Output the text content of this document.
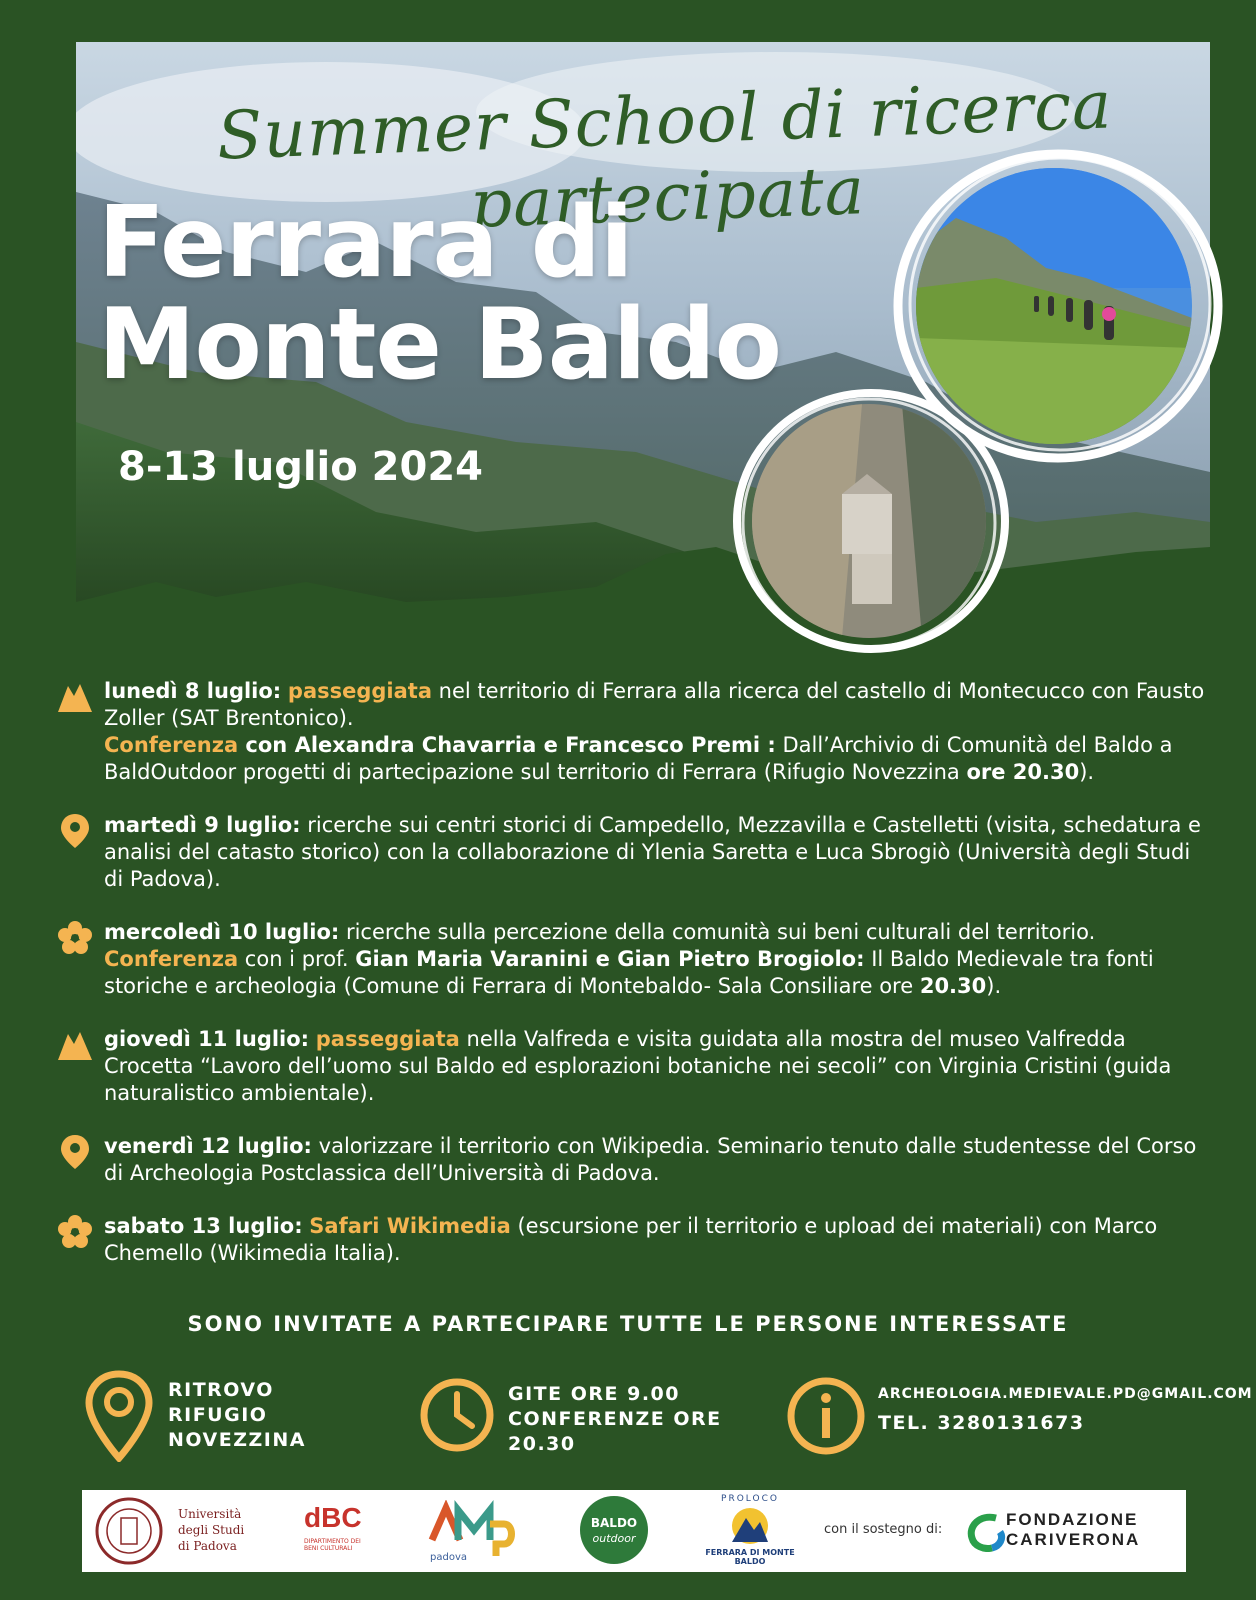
Summer School di ricerca partecipata
Ferrara di
Monte Baldo
8-13 luglio 2024
lunedì 8 luglio: passeggiata nel territorio di Ferrara alla ricerca del castello di Montecucco con Fausto Zoller (SAT Brentonico).
Conferenza con Alexandra Chavarria e Francesco Premi : Dall’Archivio di Comunità del Baldo a BaldOutdoor progetti di partecipazione sul territorio di Ferrara (Rifugio Novezzina ore 20.30).
martedì 9 luglio: ricerche sui centri storici di Campedello, Mezzavilla e Castelletti (visita, schedatura e analisi del catasto storico) con la collaborazione di Ylenia Saretta e Luca Sbrogiò (Università degli Studi di Padova).
mercoledì 10 luglio: ricerche sulla percezione della comunità sui beni culturali del territorio.
Conferenza con i prof. Gian Maria Varanini e Gian Pietro Brogiolo: Il Baldo Medievale tra fonti storiche e archeologia (Comune di Ferrara di Montebaldo- Sala Consiliare ore 20.30).
giovedì 11 luglio: passeggiata nella Valfreda e visita guidata alla mostra del museo Valfredda Crocetta “Lavoro dell’uomo sul Baldo ed esplorazioni botaniche nei secoli” con Virginia Cristini (guida naturalistico ambientale).
venerdì 12 luglio: valorizzare il territorio con Wikipedia. Seminario tenuto dalle studentesse del Corso di Archeologia Postclassica dell’Università di Padova.
sabato 13 luglio: Safari Wikimedia (escursione per il territorio e upload dei materiali) con Marco Chemello (Wikimedia Italia).
SONO INVITATE A PARTECIPARE TUTTE LE PERSONE INTERESSATE
RITROVO
RIFUGIO NOVEZZINA
GITE ORE 9.00
CONFERENZE ORE 20.30
ARCHEOLOGIA.MEDIEVALE.PD@GMAIL.COM
TEL. 3280131673
Università
degli Studi
di Padova
dBC
DIPARTIMENTO DEI BENI CULTURALI
padova
BALDO
outdoor
PROLOCO
FERRARA DI MONTE BALDO
con il sostegno di:
FONDAZIONE
CARIVERONA
